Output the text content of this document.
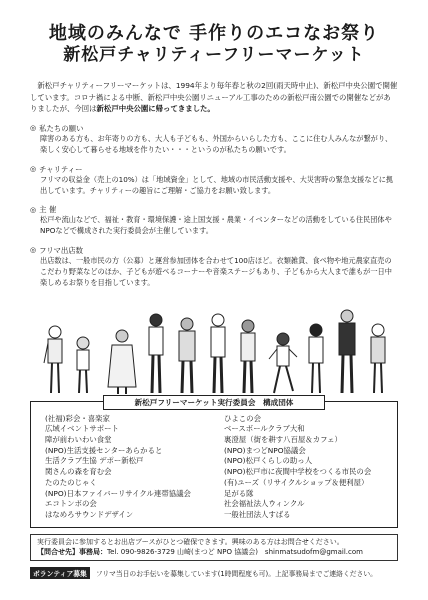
地域のみんなで 手作りのエコなお祭り
新松戸チャリティーフリーマーケット
新松戸チャリティーフリーマーケットは、1994年より毎年春と秋の2回(雨天時中止)、新松戸中央公園で開催しています。コロナ禍による中断、新松戸中央公園リニューアル工事のための新松戸南公園での開催などがありましたが、今回は新松戸中央公園に帰ってきました。
◎ 私たちの願い
障害のある方も、お年寄りの方も、大人も子どもも、外国からいらした方も、ここに住む人みんなが繋がり、楽しく安心して暮らせる地域を作りたい・・・というのが私たちの願いです。
◎ チャリティー
フリマの収益金（売上の10%）は「地域資金」として、地域の市民活動支援や、大災害時の緊急支援などに拠出しています。チャリティーの趣旨にご理解・ご協力をお願い致します。
◎ 主 催
松戸や流山などで、福祉・教育・環境保護・途上国支援・農業・イベンターなどの活動をしている住民団体やNPOなどで構成された実行委員会が主催しています。
◎ フリマ出店数
出店数は、一般市民の方（公募）と運営参加団体を合わせて100店ほど。衣類雑貨、食べ物や地元農家直売のこだわり野菜などのほか、子どもが遊べるコーナーや音楽ステージもあり、子どもから大人まで誰もが一日中楽しめるお祭りを目指しています。
新松戸フリーマーケット実行委員会　構成団体
(社福)彩会・喜楽家
広域イベントサポート
障が前わいわい食堂
(NPO)生活支援センターあらかると
生活クラブ生協 デポー新松戸
関さんの森を育む会
たのたのじゃく
(NPO)日本ファイバーリサイクル連帯協議会
エコトンボの会
はなめろサウンドデザイン
ひよこの会
ベースボールクラブ大和
裏澄屋（街を耕す八百屋＆カフェ）
(NPO)まつどNPO協議会
(NPO)松戸くらしの助っ人
(NPO)松戸市に夜間中学校をつくる市民の会
(有)ユーズ（リサイクルショップ＆便利屋）
足がる隊
社会福祉法人ウィンクル
一般社団法人すばる
実行委員会に参加するとお出店ブースがひとつ確保できます。興味のある方はお問合せください。
【問合せ先】事務局：Tel. 090-9826-3729 山崎(まつど NPO 協議会)　shinmatsudofm@gmail.com
ボランティア募集	フリマ当日のお手伝いを募集しています(1時間程度も可)。上記事務局までご連絡ください。
